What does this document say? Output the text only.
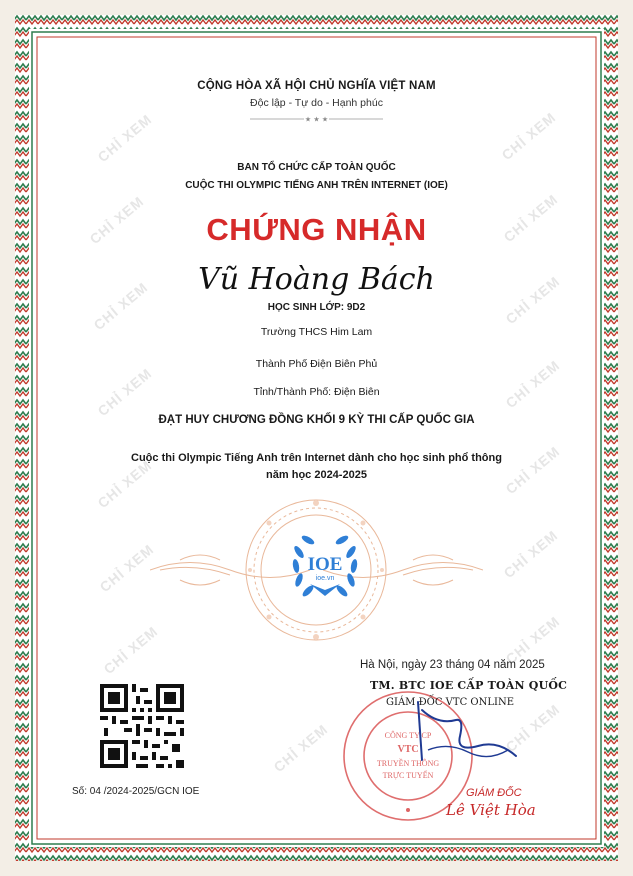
CHỈ XEM	CHỈ XEM
CHỈ XEM	CHỈ XEM
CHỈ XEM	CHỈ XEM
CHỈ XEM	CHỈ XEM
CHỈ XEM	CHỈ XEM
CHỈ XEM	CHỈ XEM
CHỈ XEM	CHỈ XEM
CHỈ XEM	CHỈ XEM
CỘNG HÒA XÃ HỘI CHỦ NGHĨA VIỆT NAM
Độc lập - Tự do - Hạnh phúc
★ ★ ★
BAN TỔ CHỨC CẤP TOÀN QUỐC
CUỘC THI OLYMPIC TIẾNG ANH TRÊN INTERNET (IOE)
CHỨNG NHẬN
Vũ Hoàng Bách
HỌC SINH LỚP: 9D2
Trường THCS Him Lam
Thành Phố Điện Biên Phủ
Tỉnh/Thành Phố: Điện Biên
ĐẠT HUY CHƯƠNG ĐỒNG KHỐI 9 KỲ THI CẤP QUỐC GIA
Cuộc thi Olympic Tiếng Anh trên Internet dành cho học sinh phổ thông
năm học 2024-2025
IOE
ioe.vn
Số: 04 /2024-2025/GCN IOE
Hà Nội, ngày 23 tháng 04 năm 2025
CÔNG TY CP
VTC
TRUYỀN THÔNG
TRỰC TUYẾN
TM. BTC IOE CẤP TOÀN QUỐC
GIÁM ĐỐC VTC ONLINE
GIÁM ĐỐC
Lê Việt Hòa
